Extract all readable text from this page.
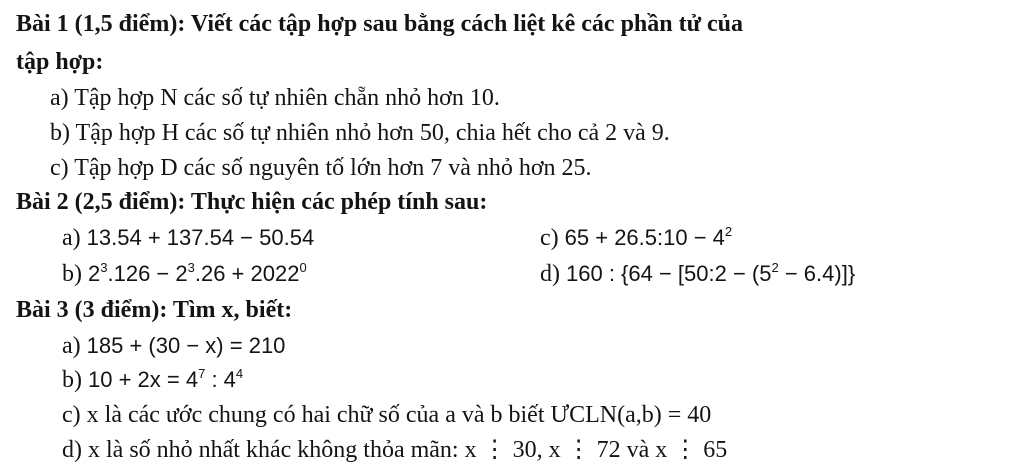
Bài 1 (1,5 điểm): Viết các tập hợp sau bằng cách liệt kê các phần tử của
tập hợp:
a) Tập hợp N các số tự nhiên chẵn nhỏ hơn 10.
b) Tập hợp H các số tự nhiên nhỏ hơn 50, chia hết cho cả 2 và 9.
c) Tập hợp D các số nguyên tố lớn hơn 7 và nhỏ hơn 25.
Bài 2 (2,5 điểm): Thực hiện các phép tính sau:
a) 13.54 + 137.54 − 50.54	c) 65 + 26.5:10 − $4^2$
b) $2^3.126 - 2^3.26 + 2022^0$	d) 160 : {64 − [50:2 − $(5^2 - 6.4)$]}
Bài 3 (3 điểm): Tìm x, biết:
a) 185 + (30 − x) = 210
b) $10 + 2x = 4^7$ : $4^4$
c) x là các ước chung có hai chữ số của a và b biết ƯCLN(a,b) = 40
d) x là số nhỏ nhất khác không thỏa mãn: x ⋮ 30, x ⋮ 72 và x ⋮ 65
